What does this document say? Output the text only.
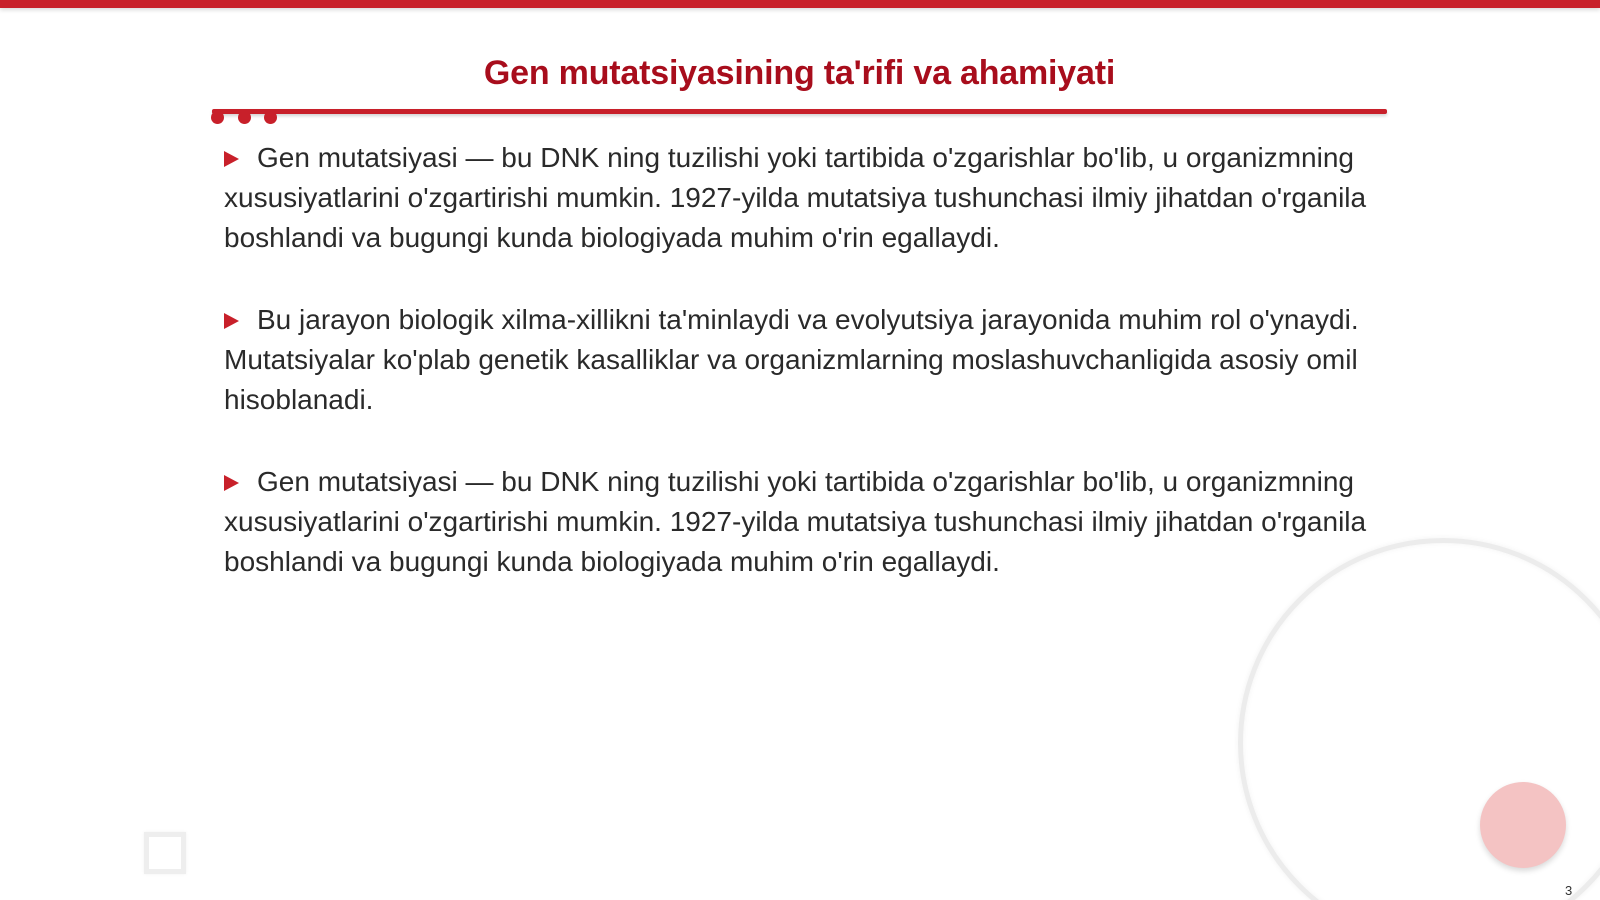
Gen mutatsiyasining ta'rifi va ahamiyati
Gen mutatsiyasi — bu DNK ning tuzilishi yoki tartibida o'zgarishlar bo'lib, u organizmning xususiyatlarini o'zgartirishi mumkin. 1927-yilda mutatsiya tushunchasi ilmiy jihatdan o'rganila boshlandi va bugungi kunda biologiyada muhim o'rin egallaydi.
Bu jarayon biologik xilma-xillikni ta'minlaydi va evolyutsiya jarayonida muhim rol o'ynaydi. Mutatsiyalar ko'plab genetik kasalliklar va organizmlarning moslashuvchanligida asosiy omil hisoblanadi.
Gen mutatsiyasi — bu DNK ning tuzilishi yoki tartibida o'zgarishlar bo'lib, u organizmning xususiyatlarini o'zgartirishi mumkin. 1927-yilda mutatsiya tushunchasi ilmiy jihatdan o'rganila boshlandi va bugungi kunda biologiyada muhim o'rin egallaydi.
3
